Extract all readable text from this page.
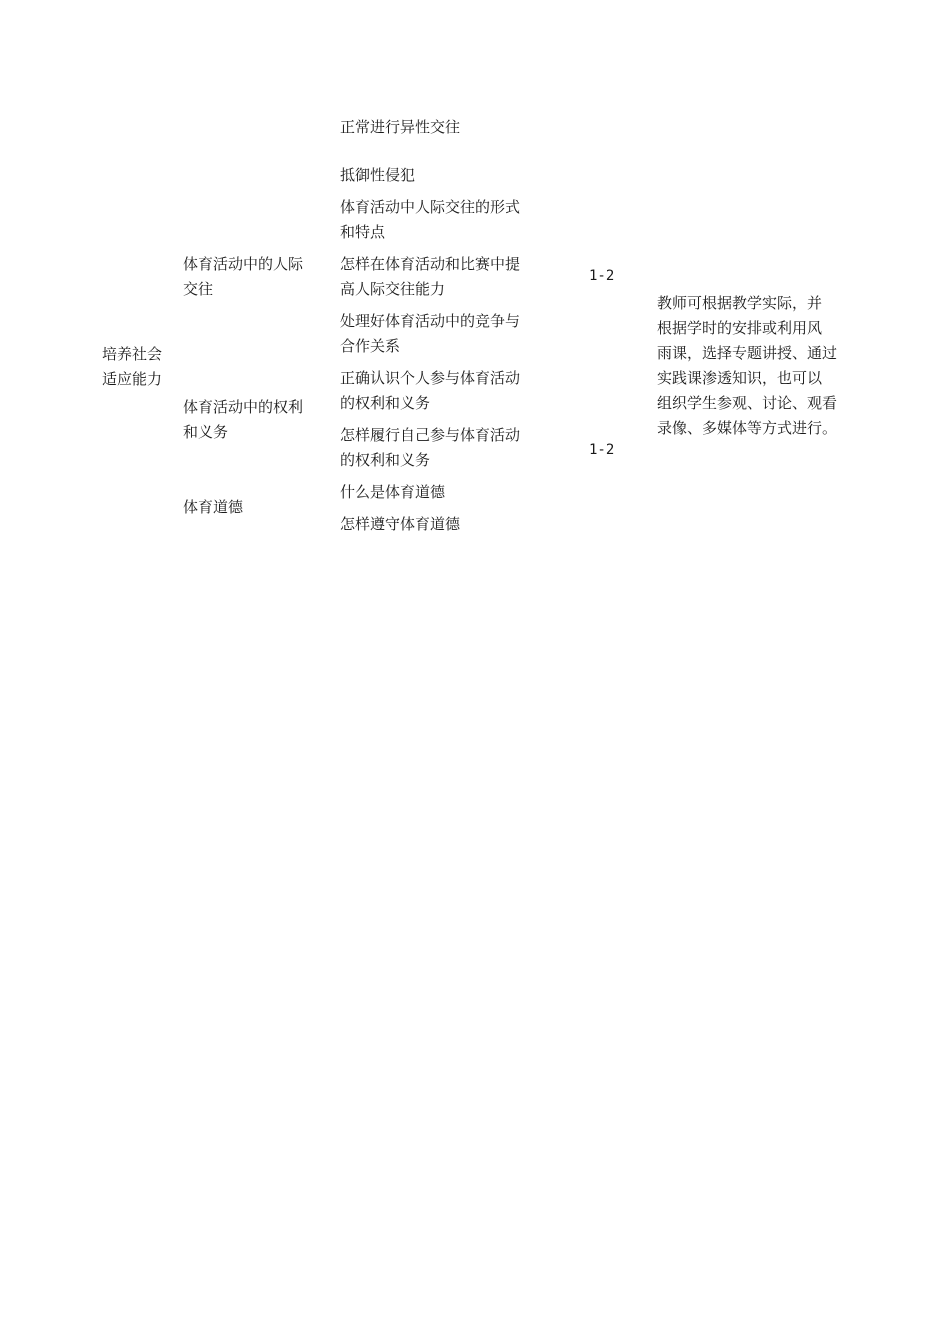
培养社会
适应能力
体育活动中的人际
交往
体育活动中的权利
和义务
体育道德
正常进行异性交往
抵御性侵犯
体育活动中人际交往的形式
和特点
怎样在体育活动和比赛中提
高人际交往能力
处理好体育活动中的竞争与
合作关系
正确认识个人参与体育活动
的权利和义务
怎样履行自己参与体育活动
的权利和义务
什么是体育道德
怎样遵守体育道德
1-2
1-2
教师可根据教学实际，并
根据学时的安排或利用风
雨课，选择专题讲授、通过
实践课渗透知识，也可以
组织学生参观、讨论、观看
录像、多媒体等方式进行。
